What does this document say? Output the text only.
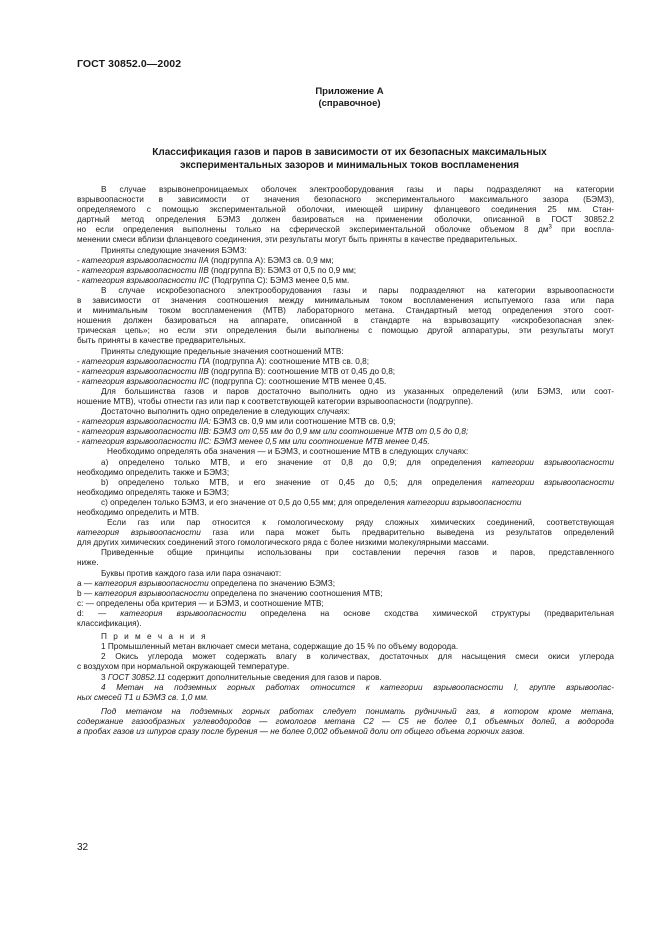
ГОСТ 30852.0—2002
Приложение А
(справочное)
Классификация газов и паров в зависимости от их безопасных максимальных
экспериментальных зазоров и минимальных токов воспламенения

В случае взрывонепроницаемых оболочек электрооборудования газы и пары подразделяют на категории

взрывоопасности в зависимости от значения безопасного экспериментального максимального зазора (БЭМЗ),

определяемого с помощью экспериментальной оболочки, имеющей ширину фланцевого соединения 25 мм. Стан-

дартный метод определения БЭМЗ должен базироваться на применении оболочки, описанной в ГОСТ 30852.2

но если определения выполнены только на сферической экспериментальной оболочке объемом 8 $дм^3$ при воспла-

менении смеси вблизи фланцевого соединения, эти результаты могут быть приняты в качестве предварительных.

Приняты следующие значения БЭМЗ:

- категория взрывоопасности IIA (подгруппа А): БЭМЗ св. 0,9 мм;

- категория взрывоопасности IIB (подгруппа В): БЭМЗ от 0,5 по 0,9 мм;

- категория взрывоопасности IIC (Подгруппа С): БЭМЗ менее 0,5 мм.

В случае искробезопасного электрооборудования газы и пары подразделяют на категории взрывоопасности

в зависимости от значения соотношения между минимальным током воспламенения испытуемого газа или пара

и минимальным током воспламенения (МТВ) лабораторного метана. Стандартный метод определения этого соот-

ношения должен базироваться на аппарате, описанной в стандарте на взрывозащиту «искробезопасная элек-

трическая цепь»; но если эти определения были выполнены с помощью другой аппаратуры, эти результаты могут

быть приняты в качестве предварительных.

Приняты следующие предельные значения соотношений МТВ:

- категория взрывоопасности ПА (подгруппа А): соотношение МТВ св. 0,8;

- категория взрывоопасности IIB (подгруппа В): соотношение МТВ от 0,45 до 0,8;

- категория взрывоопасности IIC (подгруппа С): соотношение МТВ менее 0,45.

Для большинства газов и паров достаточно выполнить одно из указанных определений (или БЭМЗ, или соот-

ношение МТВ), чтобы отнести газ или пар к соответствующей категории взрывоопасности (подгруппе).

Достаточно выполнить одно определение в следующих случаях:

- категория взрывоопасности IIA: БЭМЗ св. 0,9 мм или соотношение МТВ св. 0,9;

- категория взрывоопасности IIB: БЭМЗ от 0,55 мм до 0,9 мм или соотношение МТВ от 0,5 до 0,8;

- категория взрывоопасности IIC: БЭМЗ менее 0,5 мм или соотношение МТВ менее 0,45.

Необходимо определять оба значения — и БЭМЗ, и соотношение МТВ в следующих случаях:

а) определено только МТВ, и его значение от 0,8 до 0,9; для определения категории взрывоопасности

необходимо определить также и БЭМЗ;

b) определено только МТВ, и его значение от 0,45 до 0,5; для определения категории взрывоопасности

необходимо определять также и БЭМЗ;

c) определен только БЭМЗ, и его значение от 0,5 до 0,55 мм; для определения категории взрывоопасности

необходимо определить и МТВ.

Если газ или пар относится к гомологическому ряду сложных химических соединений, соответствующая

категория взрывоопасности газа или пара может быть предварительно выведена из результатов определений

для других химических соединений этого гомологического ряда с более низкими молекулярными массами.

Приведенные общие принципы использованы при составлении перечня газов и паров, представленного

ниже.

Буквы против каждого газа или пара означают:

а — категория взрывоопасности определена по значению БЭМЗ;

b — категория взрывоопасности определена по значению соотношения МТВ;

c: — определены оба критерия — и БЭМЗ, и соотношение МТВ;

d: — категория взрывоопасности определена на основе сходства химической структуры (предварительная

классификация).

П р и м е ч а н и я

1 Промышленный метан включает смеси метана, содержащие до 15 % по объему водорода.

2 Окись углерода может содержать влагу в количествах, достаточных для насыщения смеси окиси углерода

с воздухом при нормальной окружающей температуре.

3 ГОСТ 30852.11 содержит дополнительные сведения для газов и паров.

4 Метан на подземных горных работах относится к категории взрывоопасности I, группе взрывоопас-

ных смесей Т1 и БЭМЗ св. 1,0 мм.

Под метаном на подземных горных работах следует понимать рудничный газ, в котором кроме метана,

содержание газообразных углеводородов — гомологов метана С2 — С5 не более 0,1 объемных долей, а водорода

в пробах газов из шпуров сразу после бурения — не более 0,002 объемной доли от общего объема горючих газов.

32
